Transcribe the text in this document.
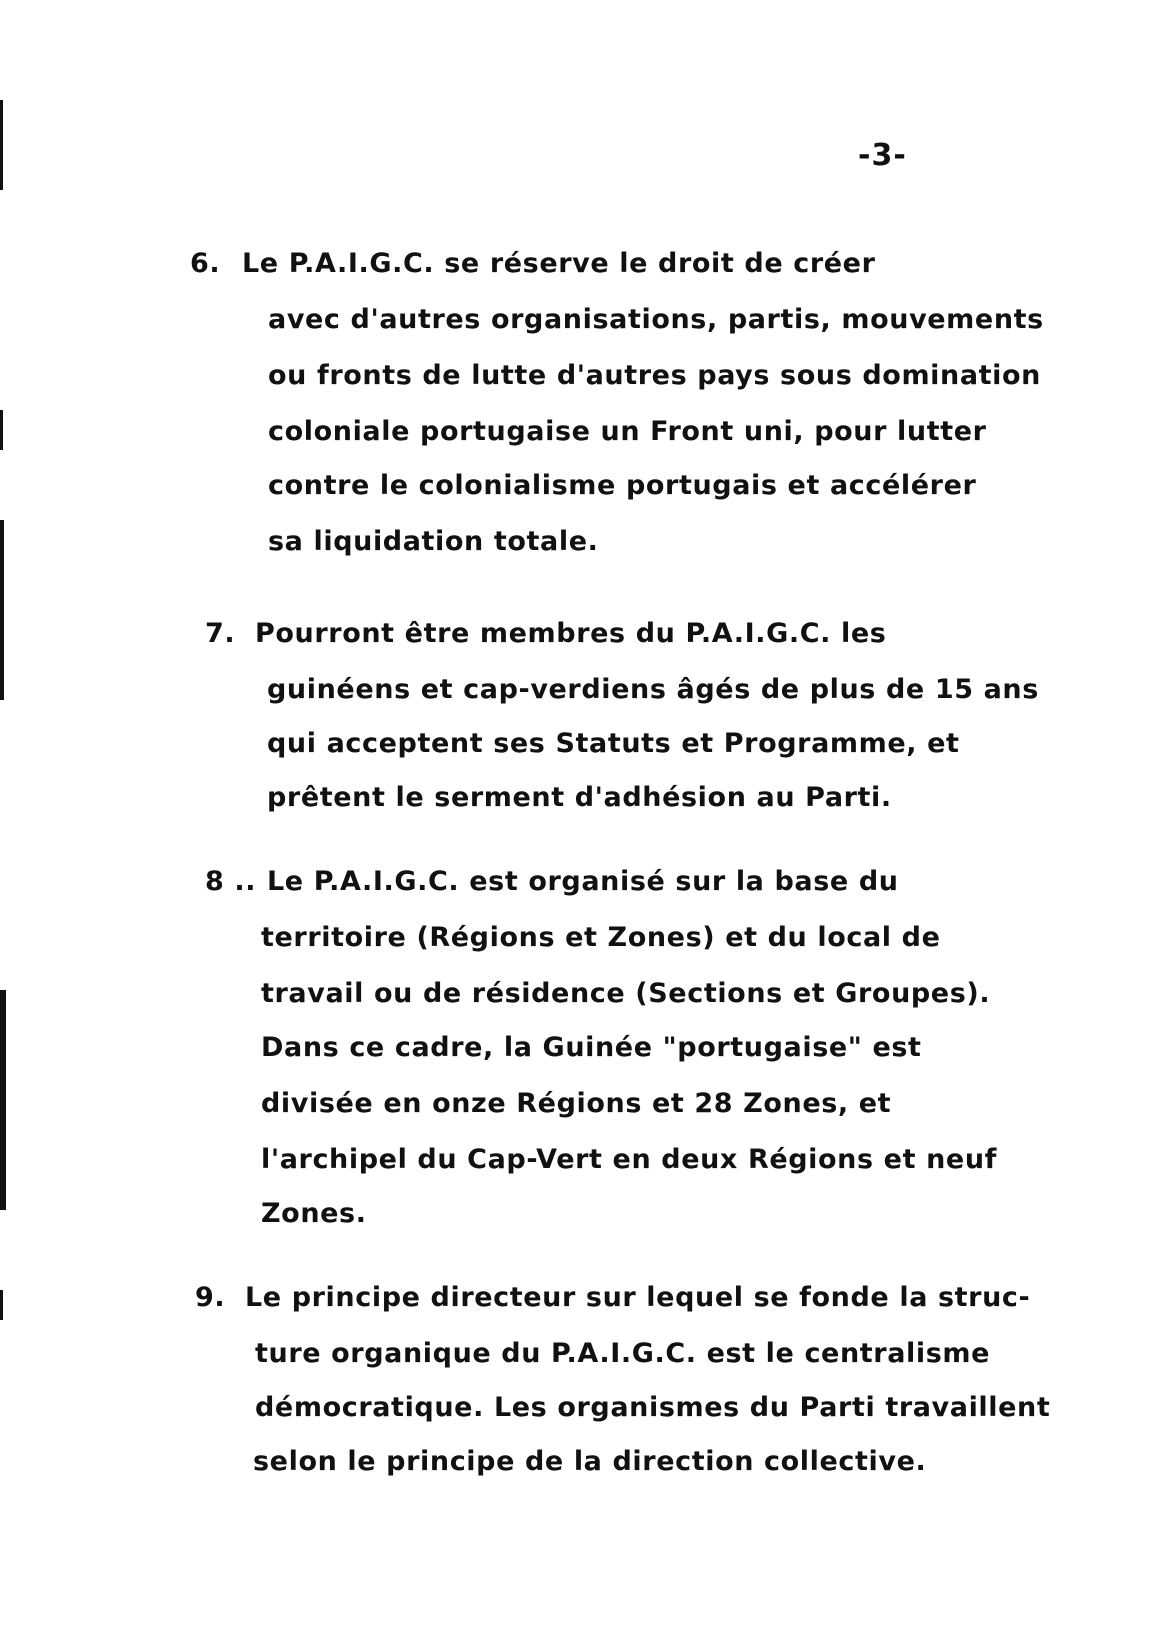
-3-
6. Le P.A.I.G.C. se réserve le droit de créer
avec d'autres organisations, partis, mouvements
ou fronts de lutte d'autres pays sous domination
coloniale portugaise un Front uni, pour lutter
contre le colonialisme portugais et accélérer
sa liquidation totale.
7. Pourront être membres du P.A.I.G.C. les
guinéens et cap-verdiens âgés de plus de 15 ans
qui acceptent ses Statuts et Programme, et
prêtent le serment d'adhésion au Parti.
8 .. Le P.A.I.G.C. est organisé sur la base du
territoire (Régions et Zones) et du local de
travail ou de résidence (Sections et Groupes).
Dans ce cadre, la Guinée "portugaise" est
divisée en onze Régions et 28 Zones, et
l'archipel du Cap-Vert en deux Régions et neuf
Zones.
9. Le principe directeur sur lequel se fonde la struc-
ture organique du P.A.I.G.C. est le centralisme
démocratique. Les organismes du Parti travaillent
selon le principe de la direction collective.
